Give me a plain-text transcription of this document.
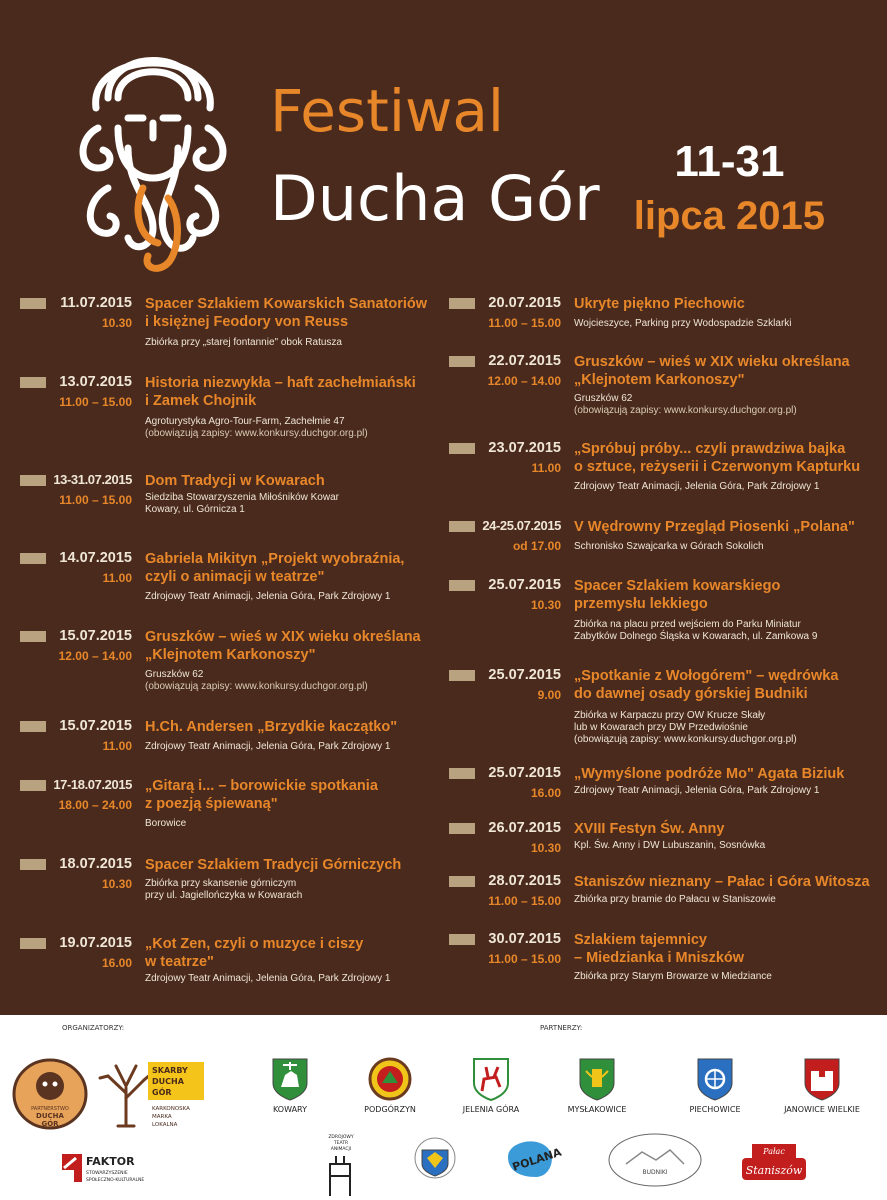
Festiwal
Ducha Gór
11-31
lipca 2015
11.07.2015
10.30
Spacer Szlakiem Kowarskich Sanatoriów
i księżnej Feodory von Reuss
Zbiórka przy „starej fontannie" obok Ratusza
13.07.2015
11.00 – 15.00
Historia niezwykła – haft zachełmiański
i Zamek Chojnik
Agroturystyka Agro-Tour-Farm, Zachełmie 47
(obowiązują zapisy: www.konkursy.duchgor.org.pl)
13-31.07.2015
11.00 – 15.00
Dom Tradycji w Kowarach
Siedziba Stowarzyszenia Miłośników Kowar
Kowary, ul. Górnicza 1
14.07.2015
11.00
Gabriela Mikityn „Projekt wyobraźnia,
czyli o animacji w teatrze"
Zdrojowy Teatr Animacji, Jelenia Góra, Park Zdrojowy 1
15.07.2015
12.00 – 14.00
Gruszków – wieś w XIX wieku określana
„Klejnotem Karkonoszy"
Gruszków 62
(obowiązują zapisy: www.konkursy.duchgor.org.pl)
15.07.2015
11.00
H.Ch. Andersen „Brzydkie kaczątko"
Zdrojowy Teatr Animacji, Jelenia Góra, Park Zdrojowy 1
17-18.07.2015
18.00 – 24.00
„Gitarą i... – borowickie spotkania
z poezją śpiewaną"
Borowice
18.07.2015
10.30
Spacer Szlakiem Tradycji Górniczych
Zbiórka przy skansenie górniczym
przy ul. Jagiellończyka w Kowarach
19.07.2015
16.00
„Kot Zen, czyli o muzyce i ciszy
w teatrze"
Zdrojowy Teatr Animacji, Jelenia Góra, Park Zdrojowy 1
20.07.2015
11.00 – 15.00
Ukryte piękno Piechowic
Wojcieszyce, Parking przy Wodospadzie Szklarki
22.07.2015
12.00 – 14.00
Gruszków – wieś w XIX wieku określana
„Klejnotem Karkonoszy"
Gruszków 62
(obowiązują zapisy: www.konkursy.duchgor.org.pl)
23.07.2015
11.00
„Spróbuj próby... czyli prawdziwa bajka
o sztuce, reżyserii i Czerwonym Kapturku
Zdrojowy Teatr Animacji, Jelenia Góra, Park Zdrojowy 1
24-25.07.2015
od 17.00
V Wędrowny Przegląd Piosenki „Polana"
Schronisko Szwajcarka w Górach Sokolich
25.07.2015
10.30
Spacer Szlakiem kowarskiego
przemysłu lekkiego
Zbiórka na placu przed wejściem do Parku Miniatur
Zabytków Dolnego Śląska w Kowarach, ul. Zamkowa 9
25.07.2015
9.00
„Spotkanie z Wołogórem" – wędrówka
do dawnej osady górskiej Budniki
Zbiórka w Karpaczu przy OW Krucze Skały
lub w Kowarach przy DW Przedwiośnie
(obowiązują zapisy: www.konkursy.duchgor.org.pl)
25.07.2015
16.00
„Wymyślone podróże Mo" Agata Biziuk
Zdrojowy Teatr Animacji, Jelenia Góra, Park Zdrojowy 1
26.07.2015
10.30
XVIII Festyn Św. Anny
Kpl. Św. Anny i DW Lubuszanin, Sosnówka
28.07.2015
11.00 – 15.00
Staniszów nieznany – Pałac i Góra Witosza
Zbiórka przy bramie do Pałacu w Staniszowie
30.07.2015
11.00 – 15.00
Szlakiem tajemnicy
– Miedzianka i Mniszków
Zbiórka przy Starym Browarze w Miedziance
ORGANIZATORZY:	PARTNERZY:
PARTNERSTWO
DUCHA
GÓR
SKARBY
DUCHA
GÓR
KARKONOSKA
MARKA
LOKALNA
FAKTOR
STOWARZYSZENIE
SPOŁECZNO-KULTURALNE
KOWARY	PODGÓRZYN	JELENIA GÓRA	MYSŁAKOWICE	PIECHOWICE	JANOWICE WIELKIE
ZDROJOWY
TEATR
ANIMACJI	POLANA	BUDNIKI
Pałac
Staniszów
